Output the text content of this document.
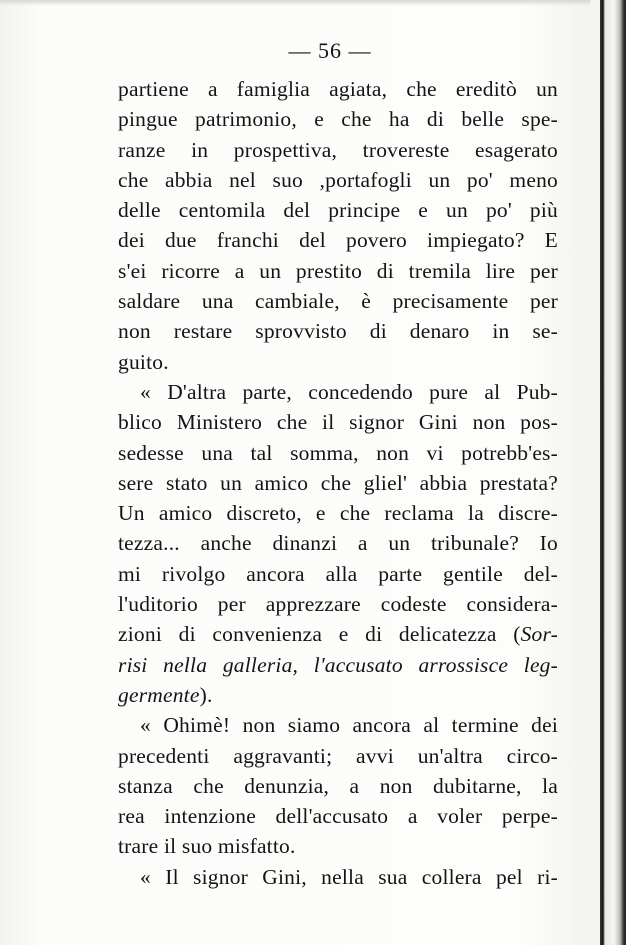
— 56 —
partiene a famiglia agiata, che ereditò un
pingue patrimonio, e che ha di belle spe-
ranze in prospettiva, trovereste esagerato
che abbia nel suo ,portafogli un po' meno
delle centomila del principe e un po' più
dei due franchi del povero impiegato? E
s'ei ricorre a un prestito di tremila lire per
saldare una cambiale, è precisamente per
non restare sprovvisto di denaro in se-
guito.
« D'altra parte, concedendo pure al Pub-
blico Ministero che il signor Gini non pos-
sedesse una tal somma, non vi potrebb'es-
sere stato un amico che gliel' abbia prestata?
Un amico discreto, e che reclama la discre-
tezza... anche dinanzi a un tribunale? Io
mi rivolgo ancora alla parte gentile del-
l'uditorio per apprezzare codeste considera-
zioni di convenienza e di delicatezza (Sor-
risi nella galleria, l'accusato arrossisce leg-
germente).
« Ohimè! non siamo ancora al termine dei
precedenti aggravanti; avvi un'altra circo-
stanza che denunzia, a non dubitarne, la
rea intenzione dell'accusato a voler perpe-
trare il suo misfatto.
« Il signor Gini, nella sua collera pel ri-
